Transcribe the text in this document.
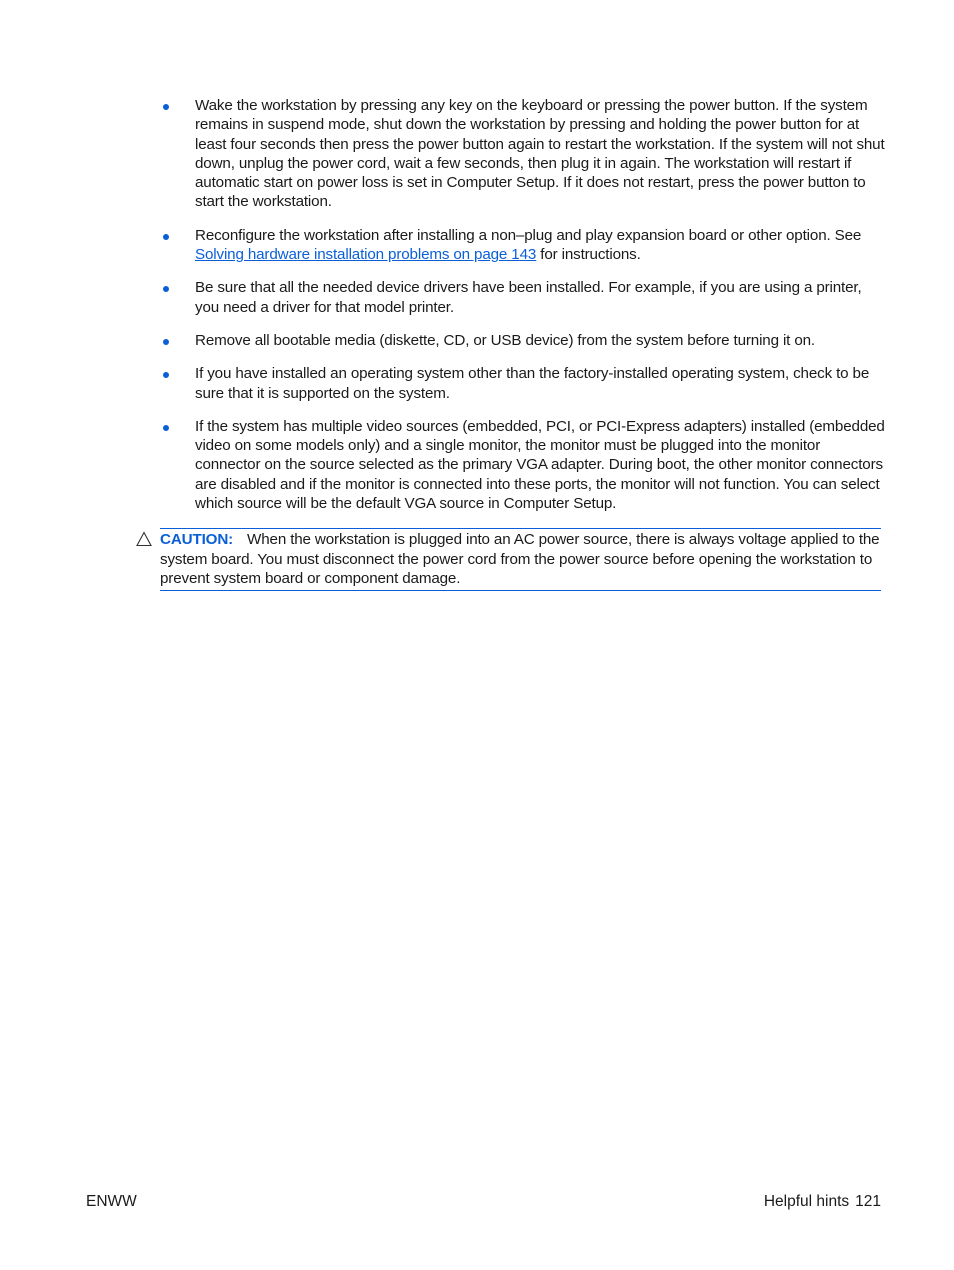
Wake the workstation by pressing any key on the keyboard or pressing the power button. If the system remains in suspend mode, shut down the workstation by pressing and holding the power button for at least four seconds then press the power button again to restart the workstation. If the system will not shut down, unplug the power cord, wait a few seconds, then plug it in again. The workstation will restart if automatic start on power loss is set in Computer Setup. If it does not restart, press the power button to start the workstation.
Reconfigure the workstation after installing a non–plug and play expansion board or other option. See Solving hardware installation problems on page 143 for instructions.
Be sure that all the needed device drivers have been installed. For example, if you are using a printer, you need a driver for that model printer.
Remove all bootable media (diskette, CD, or USB device) from the system before turning it on.
If you have installed an operating system other than the factory-installed operating system, check to be sure that it is supported on the system.
If the system has multiple video sources (embedded, PCI, or PCI-Express adapters) installed (embedded video on some models only) and a single monitor, the monitor must be plugged into the monitor connector on the source selected as the primary VGA adapter. During boot, the other monitor connectors are disabled and if the monitor is connected into these ports, the monitor will not function. You can select which source will be the default VGA source in Computer Setup.
CAUTION: When the workstation is plugged into an AC power source, there is always voltage applied to the system board. You must disconnect the power cord from the power source before opening the workstation to prevent system board or component damage.
ENWW	Helpful hints 121
